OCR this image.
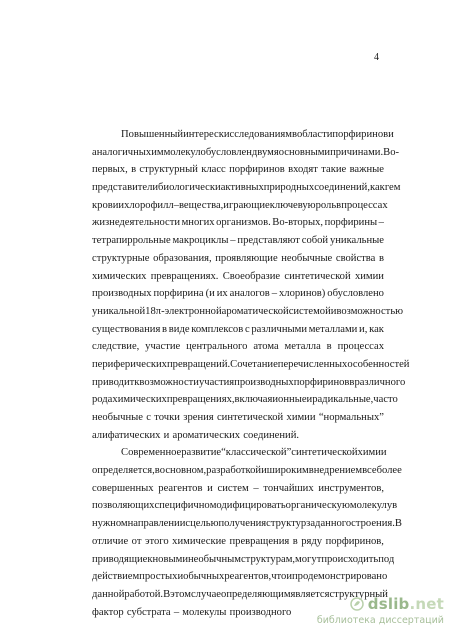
4
Повышенный интерес к исследованиям в области порфиринов и
аналогичных им молекул обусловлен двумя основными причинами. Во-
первых, в структурный класс порфиринов входят такие важные
представители биологически активных природных соединений, как гем
крови и хлорофилл – вещества, играющие ключевую роль в процессах
жизнедеятельности многих организмов. Во-вторых, порфирины –
тетрапиррольные макроциклы – представляют собой уникальные
структурные образования, проявляющие необычные свойства в
химических превращениях. Своеобразие синтетической химии
производных порфирина (и их аналогов – хлоринов) обусловлено
уникальной 18π-электронной ароматической системой и возможностью
существования в виде комплексов с различными металлами и, как
следствие, участие центрального атома металла в процессах
периферических превращений. Сочетание перечисленных особенностей
приводит к возможности участия производных порфиринов в различного
рода химических превращениях, включая ионные и радикальные, часто
необычные с точки зрения синтетической химии “нормальных”
алифатических и ароматических соединений.
Современное развитие “классической” синтетической химии
определяется, в основном, разработкой и широким внедрением все более
совершенных реагентов и систем – тончайших инструментов,
позволяющих специфично модифицировать органическую молекулу в
нужном направлении с целью получения структур заданного строения. В
отличие от этого химические превращения в ряду порфиринов,
приводящие к новым и необычным структурам, могут происходить под
действием простых и обычных реагентов, что и продемонстрировано
данной работой. В этом случае определяющим является структурный
фактор субстрата – молекулы производного	dslib.net
библиотека диссертаций
